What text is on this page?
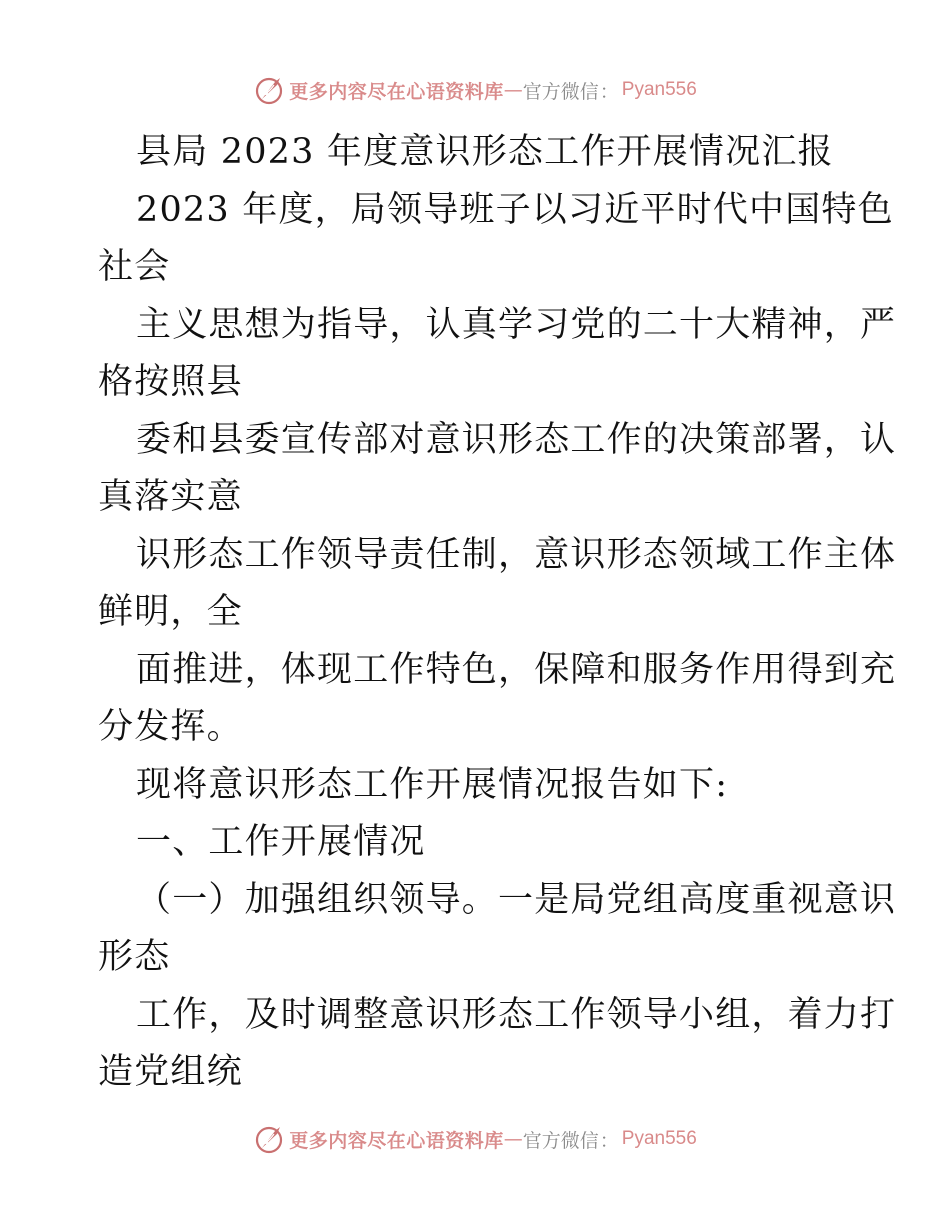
更多内容尽在心语资料库 — 官方微信 ： Pyan556
县局 2023 年度意识形态工作开展情况汇报
2023 年度，局领导班子以习近平时代中国特色
社会
主义思想为指导，认真学习党的二十大精神，严
格按照县
委和县委宣传部对意识形态工作的决策部署，认
真落实意
识形态工作领导责任制，意识形态领域工作主体
鲜明，全
面推进，体现工作特色，保障和服务作用得到充
分发挥。
现将意识形态工作开展情况报告如下:
一、工作开展情况
（一）加强组织领导。一是局党组高度重视意识
形态
工作，及时调整意识形态工作领导小组，着力打
造党组统
更多内容尽在心语资料库 — 官方微信 ： Pyan556
